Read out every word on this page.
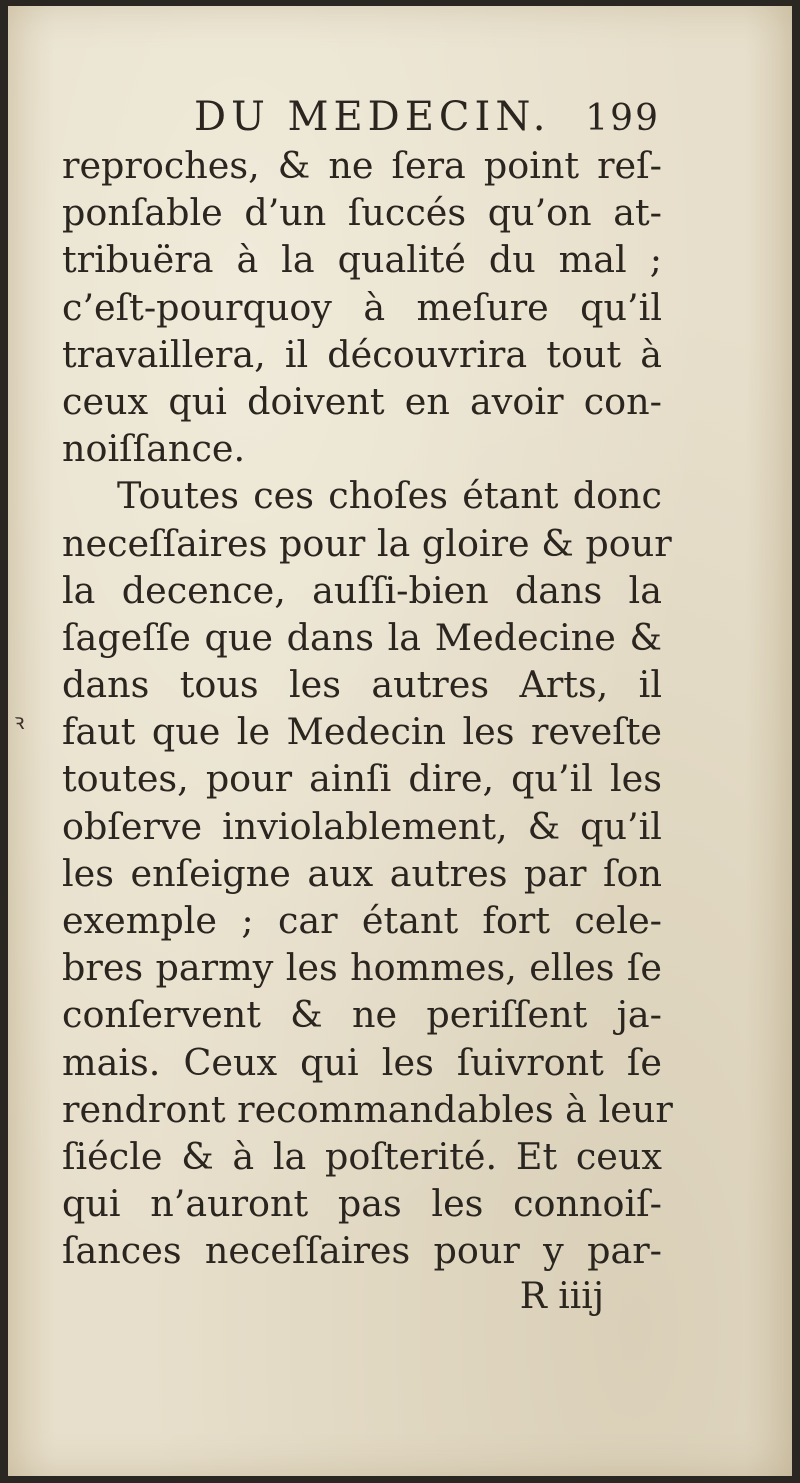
ꝛ
DU MEDECIN. 199
reproches, & ne ſera point reſ-
ponſable d’un ſuccés qu’on at-
tribuëra à la qualité du mal ;
c’eſt-pourquoy à meſure qu’il
travaillera, il découvrira tout à
ceux qui doivent en avoir con-
noiſſance.
Toutes ces choſes étant donc
neceſſaires pour la gloire & pour
la decence, auſſi-bien dans la
ſageſſe que dans la Medecine &
dans tous les autres Arts, il
faut que le Medecin les reveſte
toutes, pour ainſi dire, qu’il les
obſerve inviolablement, & qu’il
les enſeigne aux autres par ſon
exemple ; car étant fort cele-
bres parmy les hommes, elles ſe
conſervent & ne periſſent ja-
mais. Ceux qui les ſuivront ſe
rendront recommandables à leur
ſiécle & à la poſterité. Et ceux
qui n’auront pas les connoiſ-
ſances neceſſaires pour y par-
R iiij
